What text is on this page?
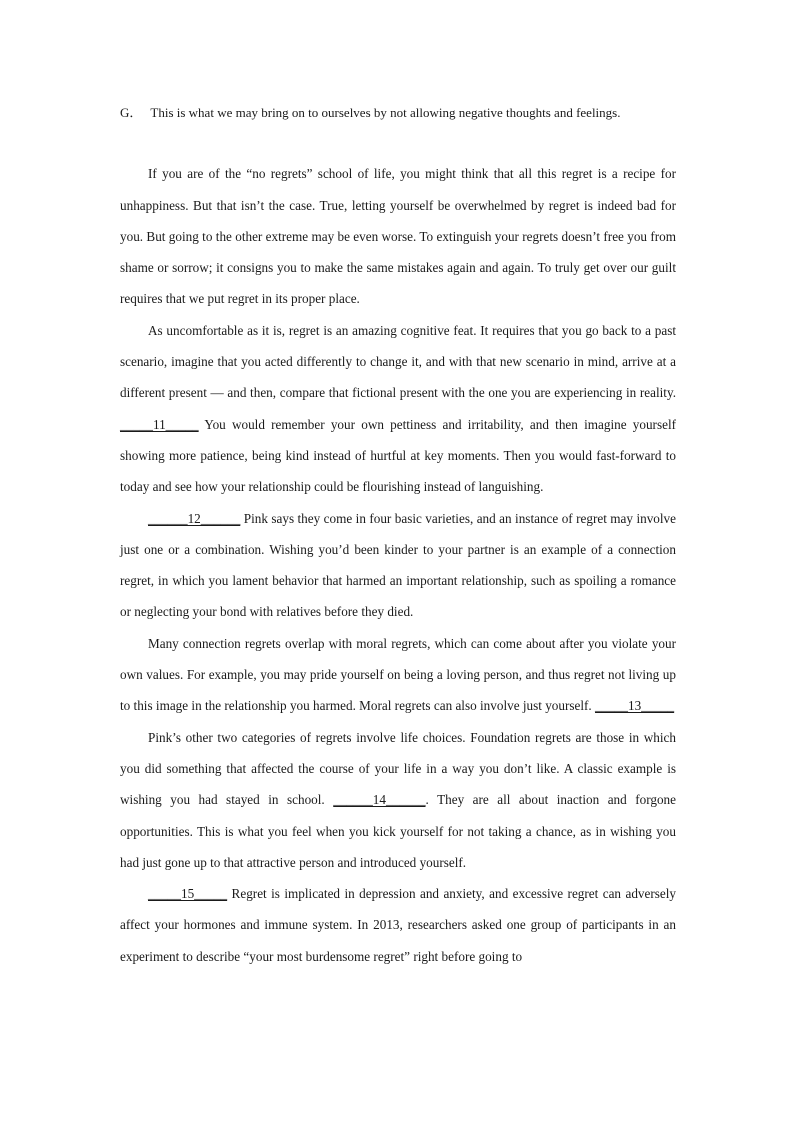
G． This is what we may bring on to ourselves by not allowing negative thoughts and feelings.

If you are of the “no regrets” school of life, you might think that all this regret is a recipe for unhappiness. But that isn’t the case. True, letting yourself be overwhelmed by regret is indeed bad for you. But going to the other extreme may be even worse. To extinguish your regrets doesn’t free you from shame or sorrow; it consigns you to make the same mistakes again and again. To truly get over our guilt requires that we put regret in its proper place.

As uncomfortable as it is, regret is an amazing cognitive feat. It requires that you go back to a past scenario, imagine that you acted differently to change it, and with that new scenario in mind, arrive at a different present — and then, compare that fictional present with the one you are experiencing in reality. _____11_____ You would remember your own pettiness and irritability, and then imagine yourself showing more patience, being kind instead of hurtful at key moments. Then you would fast-forward to today and see how your relationship could be flourishing instead of languishing.

______12______ Pink says they come in four basic varieties, and an instance of regret may involve just one or a combination. Wishing you’d been kinder to your partner is an example of a connection regret, in which you lament behavior that harmed an important relationship, such as spoiling a romance or neglecting your bond with relatives before they died.

Many connection regrets overlap with moral regrets, which can come about after you violate your own values. For example, you may pride yourself on being a loving person, and thus regret not living up to this image in the relationship you harmed. Moral regrets can also involve just yourself. _____13_____

Pink’s other two categories of regrets involve life choices. Foundation regrets are those in which you did something that affected the course of your life in a way you don’t like. A classic example is wishing you had stayed in school. ______14______. They are all about inaction and forgone opportunities. This is what you feel when you kick yourself for not taking a chance, as in wishing you had just gone up to that attractive person and introduced yourself.

_____15_____ Regret is implicated in depression and anxiety, and excessive regret can adversely affect your hormones and immune system. In 2013, researchers asked one group of participants in an experiment to describe “your most burdensome regret” right before going to
